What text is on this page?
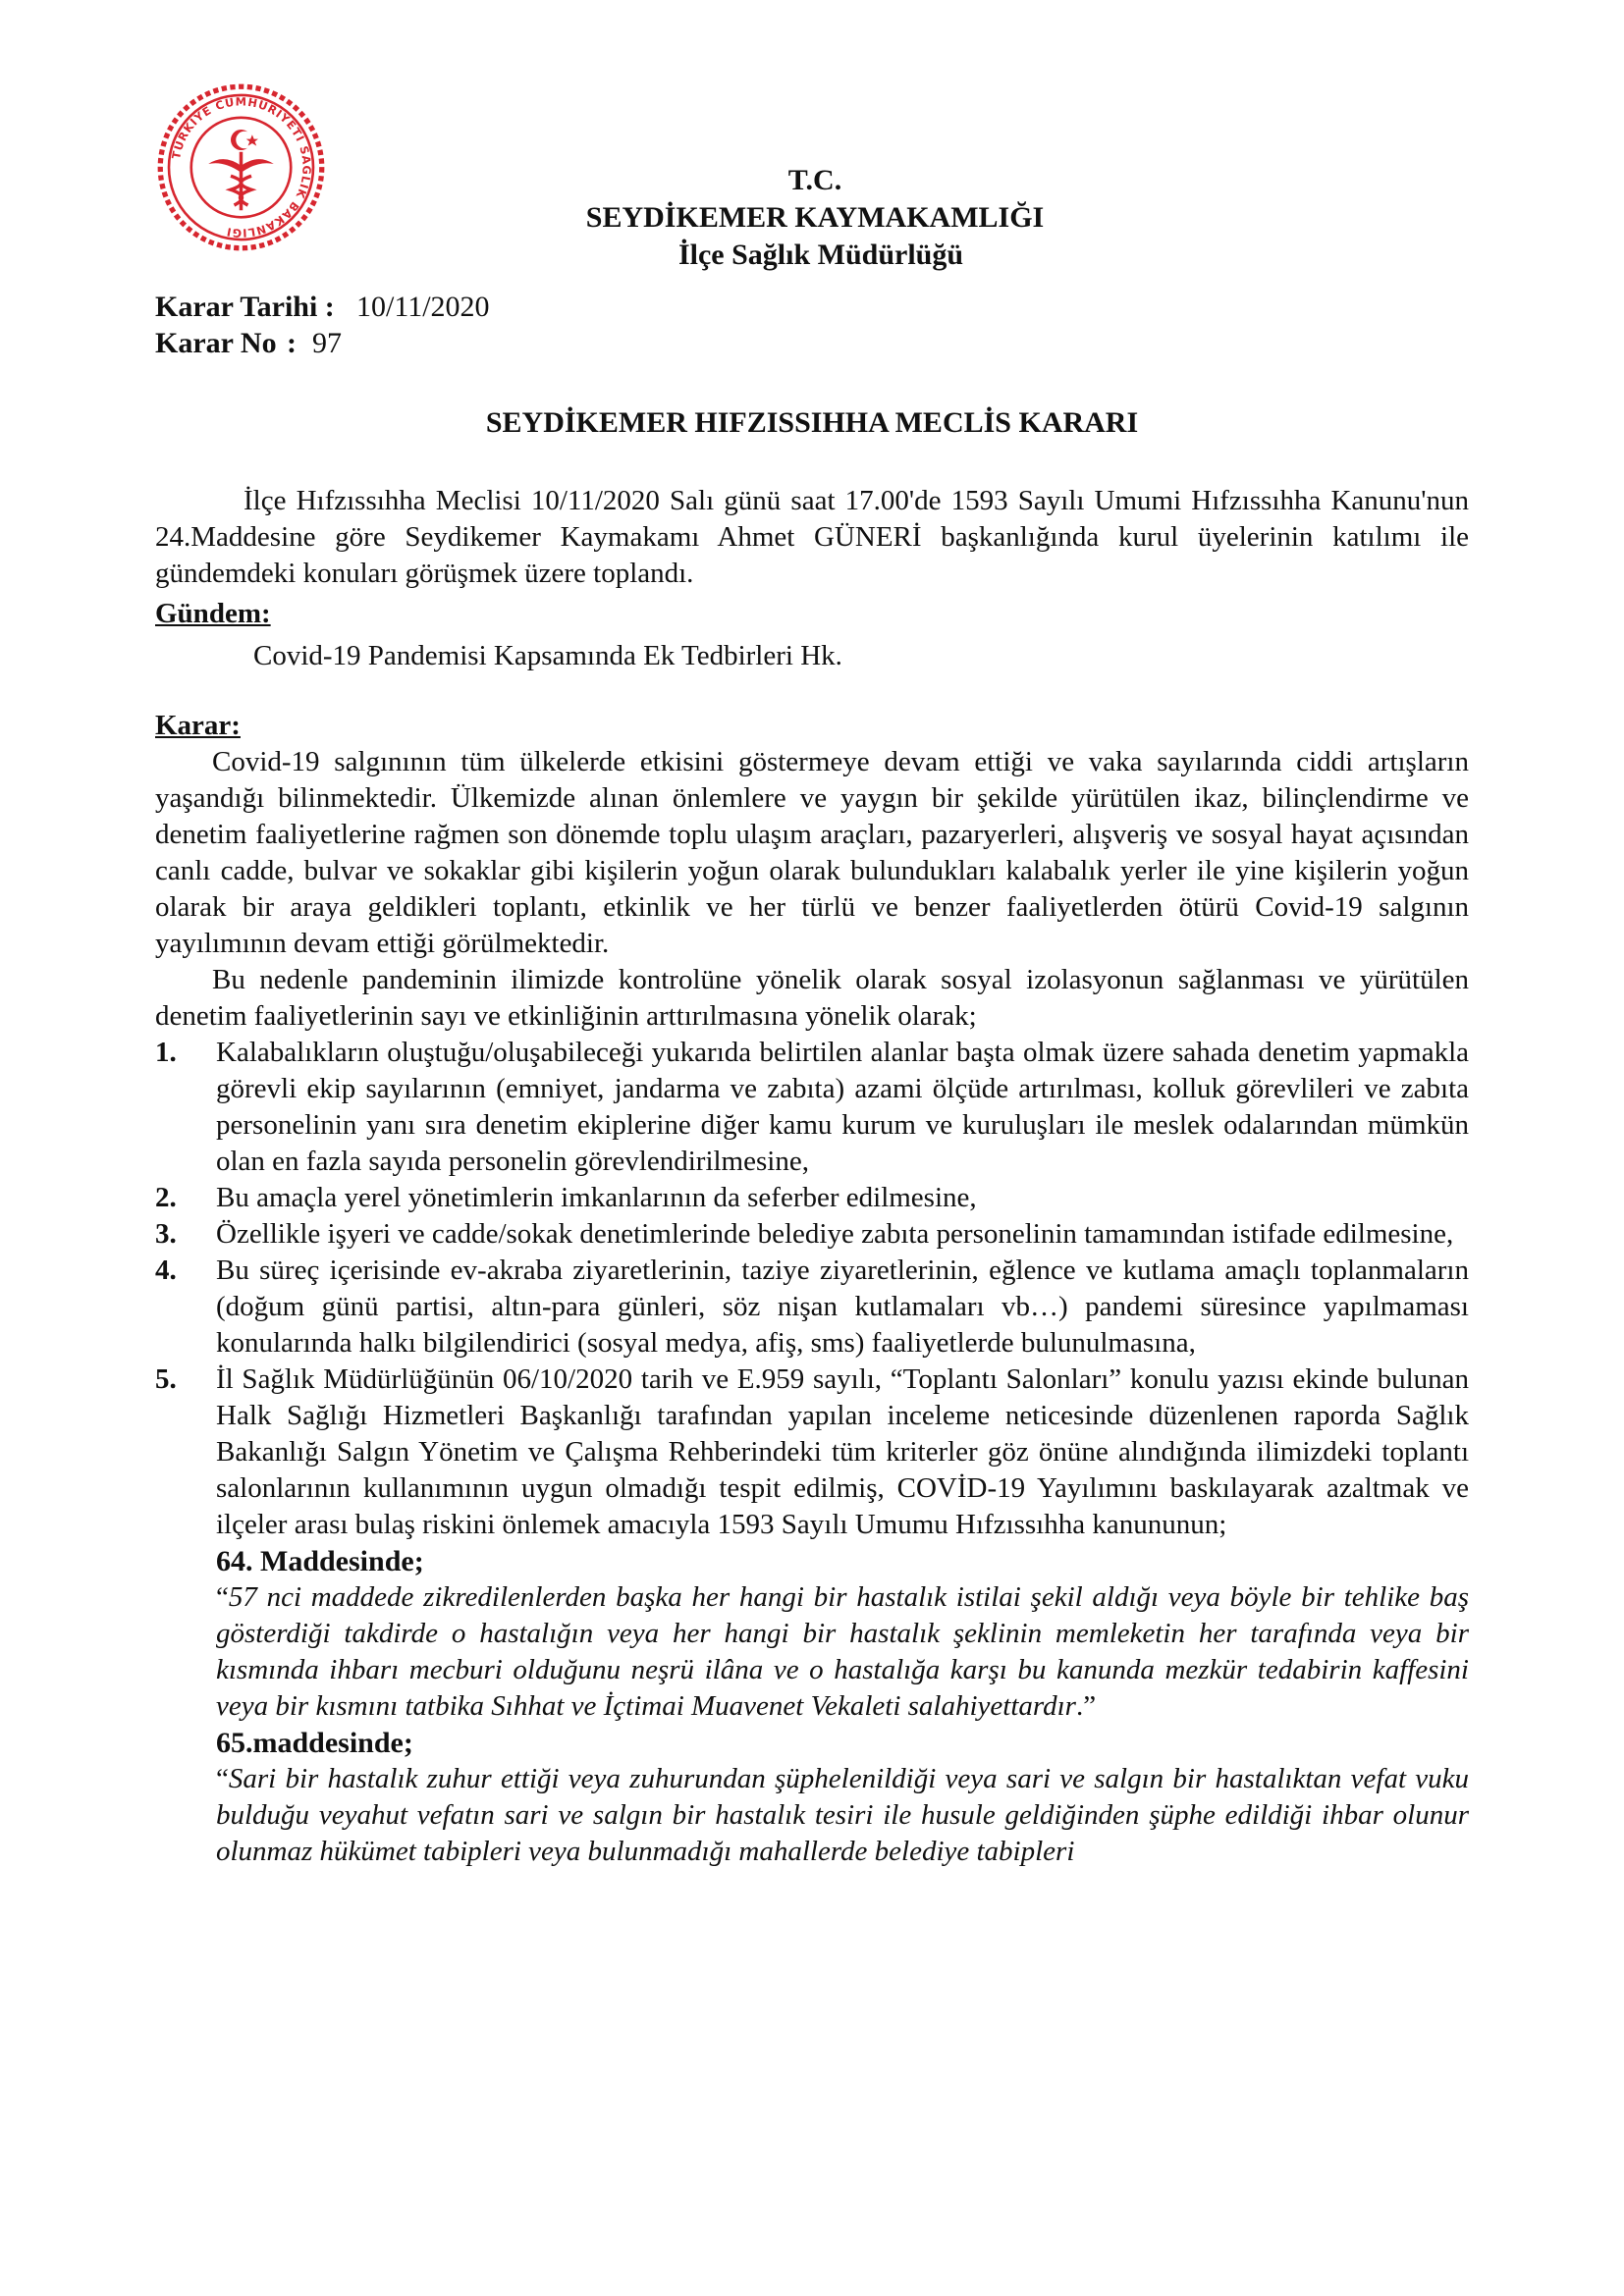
TÜRKİYE CUMHURİYETİ SAĞLIK BAKANLIĞI
T.C.
SEYDİKEMER KAYMAKAMLIĞI
İlçe Sağlık Müdürlüğü
Karar Tarihi : 10/11/2020
Karar No : 97
SEYDİKEMER HIFZISSIHHA MECLİS KARARI

İlçe Hıfzıssıhha Meclisi 10/11/2020 Salı günü saat 17.00'de 1593 Sayılı Umumi Hıfzıssıhha Kanunu'nun 24.Maddesine göre Seydikemer Kaymakamı Ahmet GÜNERİ başkanlığında kurul üyelerinin katılımı ile gündemdeki konuları görüşmek üzere toplandı.

Gündem:

Covid-19 Pandemisi Kapsamında Ek Tedbirleri Hk.

Karar:

Covid-19 salgınının tüm ülkelerde etkisini göstermeye devam ettiği ve vaka sayılarında ciddi artışların yaşandığı bilinmektedir. Ülkemizde alınan önlemlere ve yaygın bir şekilde yürütülen ikaz, bilinçlendirme ve denetim faaliyetlerine rağmen son dönemde toplu ulaşım araçları, pazaryerleri, alışveriş ve sosyal hayat açısından canlı cadde, bulvar ve sokaklar gibi kişilerin yoğun olarak bulundukları kalabalık yerler ile yine kişilerin yoğun olarak bir araya geldikleri toplantı, etkinlik ve her türlü ve benzer faaliyetlerden ötürü Covid-19 salgının yayılımının devam ettiği görülmektedir.

Bu nedenle pandeminin ilimizde kontrolüne yönelik olarak sosyal izolasyonun sağlanması ve yürütülen denetim faaliyetlerinin sayı ve etkinliğinin arttırılmasına yönelik olarak;

1. Kalabalıkların oluştuğu/oluşabileceği yukarıda belirtilen alanlar başta olmak üzere sahada denetim yapmakla görevli ekip sayılarının (emniyet, jandarma ve zabıta) azami ölçüde artırılması, kolluk görevlileri ve zabıta personelinin yanı sıra denetim ekiplerine diğer kamu kurum ve kuruluşları ile meslek odalarından mümkün olan en fazla sayıda personelin görevlendirilmesine,
2. Bu amaçla yerel yönetimlerin imkanlarının da seferber edilmesine,
3. Özellikle işyeri ve cadde/sokak denetimlerinde belediye zabıta personelinin tamamından istifade edilmesine,
4. Bu süreç içerisinde ev-akraba ziyaretlerinin, taziye ziyaretlerinin, eğlence ve kutlama amaçlı toplanmaların (doğum günü partisi, altın-para günleri, söz nişan kutlamaları vb…) pandemi süresince yapılmaması konularında halkı bilgilendirici (sosyal medya, afiş, sms) faaliyetlerde bulunulmasına,
5. İl Sağlık Müdürlüğünün 06/10/2020 tarih ve E.959 sayılı, “Toplantı Salonları” konulu yazısı ekinde bulunan Halk Sağlığı Hizmetleri Başkanlığı tarafından yapılan inceleme neticesinde düzenlenen raporda Sağlık Bakanlığı Salgın Yönetim ve Çalışma Rehberindeki tüm kriterler göz önüne alındığında ilimizdeki toplantı salonlarının kullanımının uygun olmadığı tespit edilmiş, COVİD-19 Yayılımını baskılayarak azaltmak ve ilçeler arası bulaş riskini önlemek amacıyla 1593 Sayılı Umumu Hıfzıssıhha kanununun;
64. Maddesinde;

“57 nci maddede zikredilenlerden başka her hangi bir hastalık istilai şekil aldığı veya böyle bir tehlike baş gösterdiği takdirde o hastalığın veya her hangi bir hastalık şeklinin memleketin her tarafında veya bir kısmında ihbarı mecburi olduğunu neşrü ilâna ve o hastalığa karşı bu kanunda mezkür tedabirin kaffesini veya bir kısmını tatbika Sıhhat ve İçtimai Muavenet Vekaleti salahiyettardır.”

65.maddesinde;

“Sari bir hastalık zuhur ettiği veya zuhurundan şüphelenildiği veya sari ve salgın bir hastalıktan vefat vuku bulduğu veyahut vefatın sari ve salgın bir hastalık tesiri ile husule geldiğinden şüphe edildiği ihbar olunur olunmaz hükümet tabipleri veya bulunmadığı mahallerde belediye tabipleri
